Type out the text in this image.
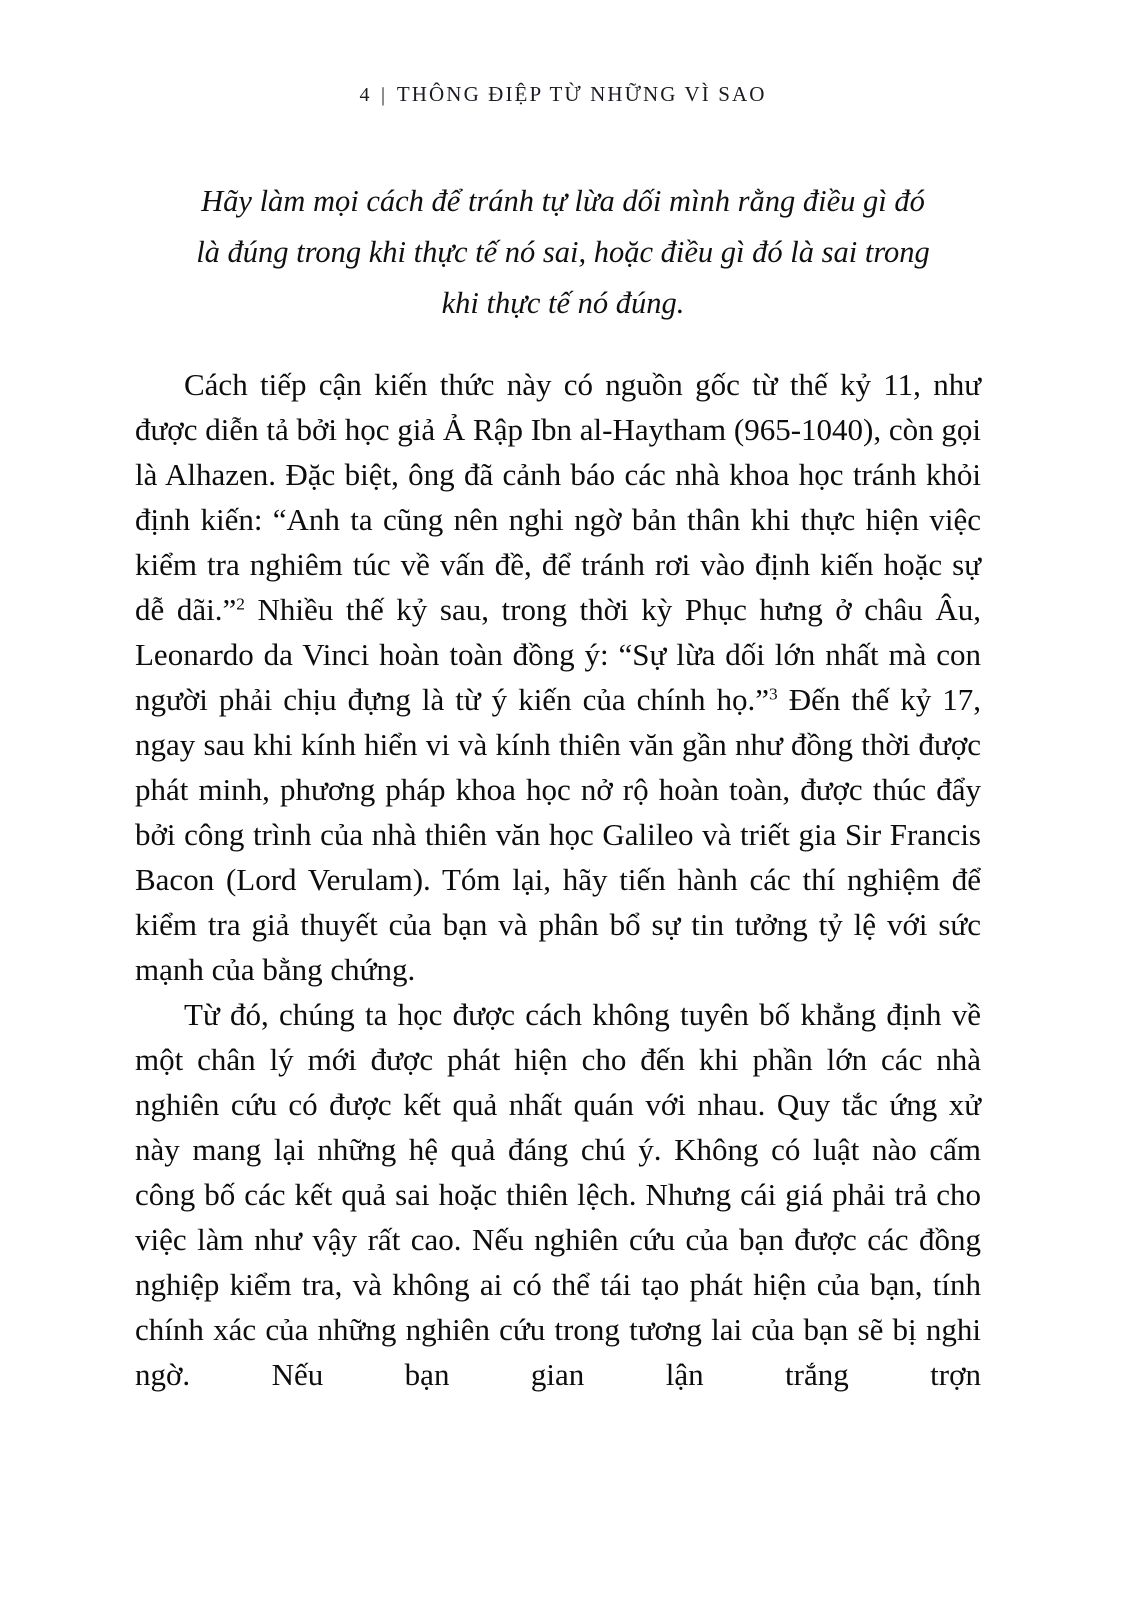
4 | THÔNG ĐIỆP TỪ NHỮNG VÌ SAO
Hãy làm mọi cách để tránh tự lừa dối mình rằng điều gì đó
là đúng trong khi thực tế nó sai, hoặc điều gì đó là sai trong
khi thực tế nó đúng.

Cách tiếp cận kiến thức này có nguồn gốc từ thế kỷ 11, như được diễn tả bởi học giả Ả Rập Ibn al-Haytham (965-1040), còn gọi là Alhazen. Đặc biệt, ông đã cảnh báo các nhà khoa học tránh khỏi định kiến: “Anh ta cũng nên nghi ngờ bản thân khi thực hiện việc kiểm tra nghiêm túc về vấn đề, để tránh rơi vào định kiến hoặc sự dễ dãi.”$^2$ Nhiều thế kỷ sau, trong thời kỳ Phục hưng ở châu Âu, Leonardo da Vinci hoàn toàn đồng ý: “Sự lừa dối lớn nhất mà con người phải chịu đựng là từ ý kiến của chính họ.”$^3$ Đến thế kỷ 17, ngay sau khi kính hiển vi và kính thiên văn gần như đồng thời được phát minh, phương pháp khoa học nở rộ hoàn toàn, được thúc đẩy bởi công trình của nhà thiên văn học Galileo và triết gia Sir Francis Bacon (Lord Verulam). Tóm lại, hãy tiến hành các thí nghiệm để kiểm tra giả thuyết của bạn và phân bổ sự tin tưởng tỷ lệ với sức mạnh của bằng chứng.

Từ đó, chúng ta học được cách không tuyên bố khẳng định về một chân lý mới được phát hiện cho đến khi phần lớn các nhà nghiên cứu có được kết quả nhất quán với nhau. Quy tắc ứng xử này mang lại những hệ quả đáng chú ý. Không có luật nào cấm công bố các kết quả sai hoặc thiên lệch. Nhưng cái giá phải trả cho việc làm như vậy rất cao. Nếu nghiên cứu của bạn được các đồng nghiệp kiểm tra, và không ai có thể tái tạo phát hiện của bạn, tính chính xác của những nghiên cứu trong tương lai của bạn sẽ bị nghi ngờ. Nếu bạn gian lận trắng trợn
